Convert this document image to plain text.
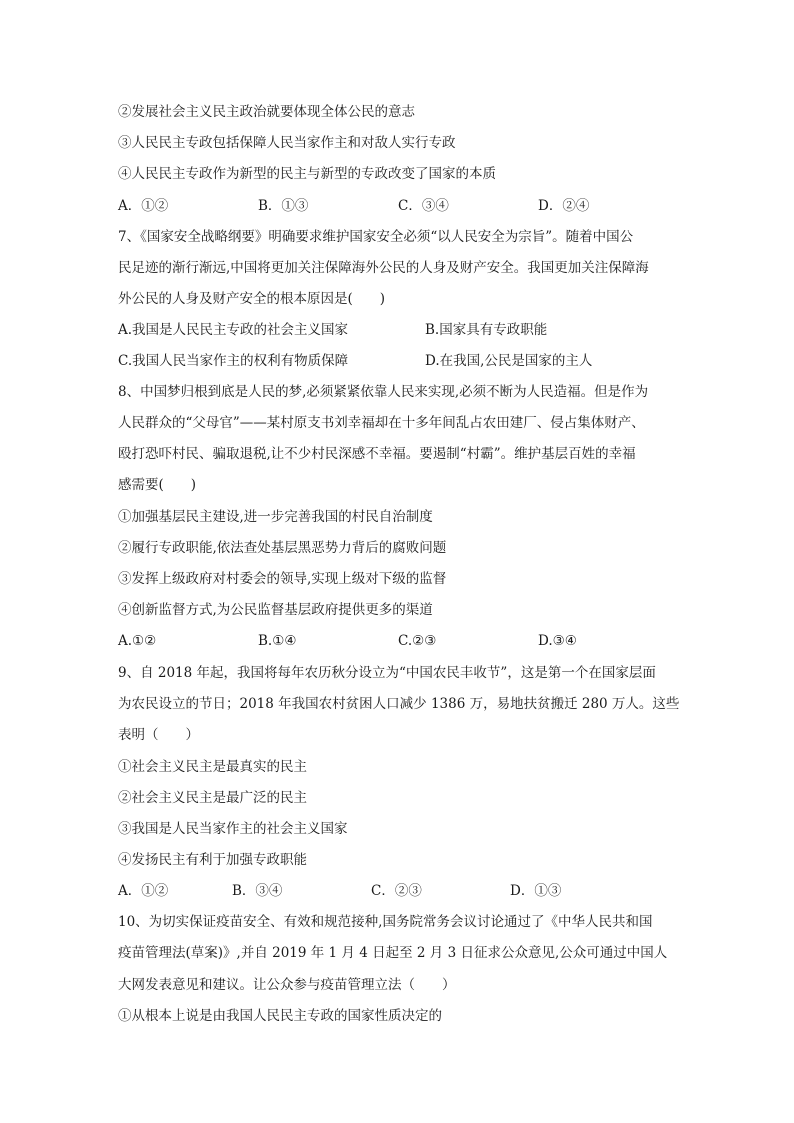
②发展社会主义民主政治就要体现全体公民的意志
③人民民主专政包括保障人民当家作主和对敌人实行专政
④人民民主专政作为新型的民主与新型的专政改变了国家的本质
A．①②	B．①③	C．③④	D．②④
7、《国家安全战略纲要》明确要求维护国家安全必须“以人民安全为宗旨”。随着中国公
民足迹的渐行渐远,中国将更加关注保障海外公民的人身及财产安全。我国更加关注保障海
外公民的人身及财产安全的根本原因是(　　)
A.我国是人民民主专政的社会主义国家	B.国家具有专政职能
C.我国人民当家作主的权利有物质保障	D.在我国,公民是国家的主人
8、中国梦归根到底是人民的梦,必须紧紧依靠人民来实现,必须不断为人民造福。但是作为
人民群众的“父母官”——某村原支书刘幸福却在十多年间乱占农田建厂、侵占集体财产、
殴打恐吓村民、骗取退税,让不少村民深感不幸福。要遏制“村霸”。维护基层百姓的幸福
感需要(　　)
①加强基层民主建设,进一步完善我国的村民自治制度
②履行专政职能,依法查处基层黑恶势力背后的腐败问题
③发挥上级政府对村委会的领导,实现上级对下级的监督
④创新监督方式,为公民监督基层政府提供更多的渠道
A.①②	B.①④	C.②③	D.③④
9、自 2018 年起，我国将每年农历秋分设立为“中国农民丰收节”，这是第一个在国家层面
为农民设立的节日；2018 年我国农村贫困人口减少 1386 万，易地扶贫搬迁 280 万人。这些
表明（　　）
①社会主义民主是最真实的民主
②社会主义民主是最广泛的民主
③我国是人民当家作主的社会主义国家
④发扬民主有利于加强专政职能
A．①②	B．③④	C．②③	D．①③
10、为切实保证疫苗安全、有效和规范接种,国务院常务会议讨论通过了《中华人民共和国
疫苗管理法(草案)》,并自 2019 年 1 月 4 日起至 2 月 3 日征求公众意见,公众可通过中国人
大网发表意见和建议。让公众参与疫苗管理立法（　　）
①从根本上说是由我国人民民主专政的国家性质决定的
